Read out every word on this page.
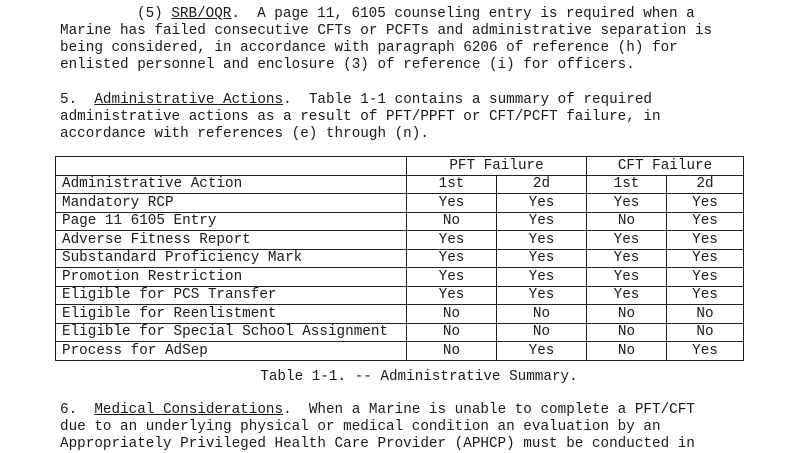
(5) SRB/OQR.  A page 11, 6105 counseling entry is required when a
Marine has failed consecutive CFTs or PCFTs and administrative separation is
being considered, in accordance with paragraph 6206 of reference (h) for
enlisted personnel and enclosure (3) of reference (i) for officers.
5.  Administrative Actions.  Table 1-1 contains a summary of required
administrative actions as a result of PFT/PPFT or CFT/PCFT failure, in
accordance with references (e) through (n).
	PFT Failure		CFT Failure	
Administrative Action	1st	2d	1st	2d
Mandatory RCP	Yes	Yes	Yes	Yes
Page 11 6105 Entry	No	Yes	No	Yes
Adverse Fitness Report	Yes	Yes	Yes	Yes
Substandard Proficiency Mark	Yes	Yes	Yes	Yes
Promotion Restriction	Yes	Yes	Yes	Yes
Eligible for PCS Transfer	Yes	Yes	Yes	Yes
Eligible for Reenlistment	No	No	No	No
Eligible for Special School Assignment	No	No	No	No
Process for AdSep	No	Yes	No	Yes
Table 1-1. -- Administrative Summary.
6.  Medical Considerations.  When a Marine is unable to complete a PFT/CFT
due to an underlying physical or medical condition an evaluation by an
Appropriately Privileged Health Care Provider (APHCP) must be conducted in
